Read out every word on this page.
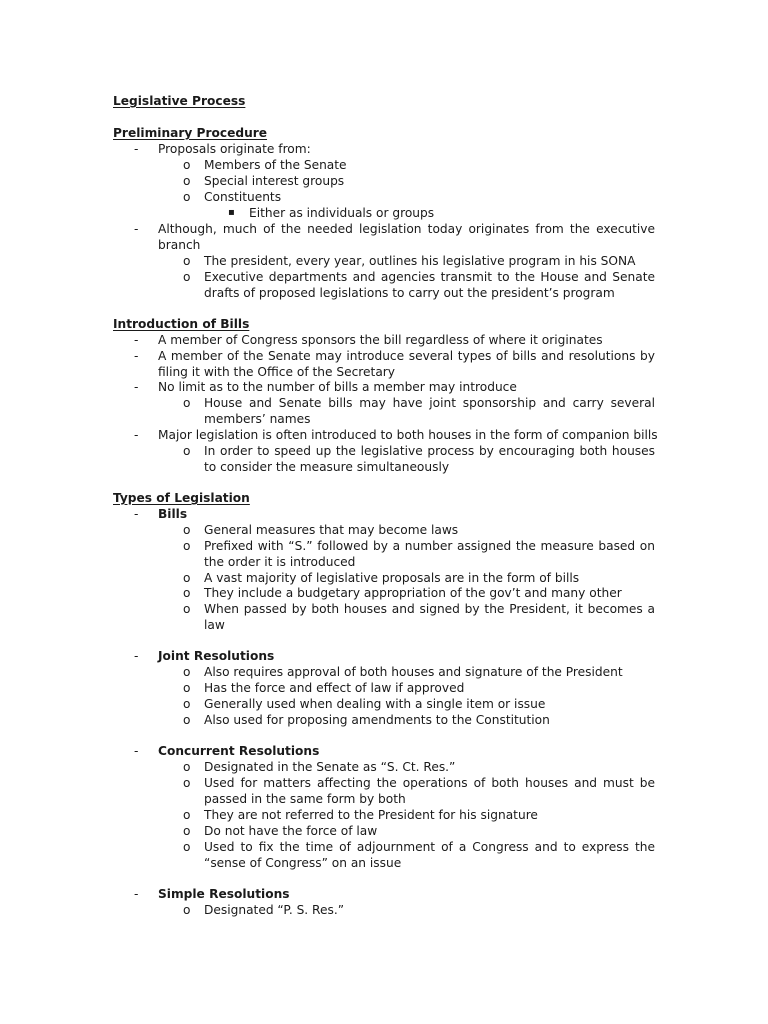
Legislative Process
Preliminary Procedure
- Proposals originate from:
o Members of the Senate
o Special interest groups
o Constituents
▪ Either as individuals or groups
- Although, much of the needed legislation today originates from the executive
branch
o The president, every year, outlines his legislative program in his SONA
o Executive departments and agencies transmit to the House and Senate
drafts of proposed legislations to carry out the president’s program
Introduction of Bills
- A member of Congress sponsors the bill regardless of where it originates
- A member of the Senate may introduce several types of bills and resolutions by
filing it with the Office of the Secretary
- No limit as to the number of bills a member may introduce
o House and Senate bills may have joint sponsorship and carry several
members’ names
- Major legislation is often introduced to both houses in the form of companion bills
o In order to speed up the legislative process by encouraging both houses
to consider the measure simultaneously
Types of Legislation
- Bills
o General measures that may become laws
o Prefixed with “S.” followed by a number assigned the measure based on
the order it is introduced
o A vast majority of legislative proposals are in the form of bills
o They include a budgetary appropriation of the gov’t and many other
o When passed by both houses and signed by the President, it becomes a
law
- Joint Resolutions
o Also requires approval of both houses and signature of the President
o Has the force and effect of law if approved
o Generally used when dealing with a single item or issue
o Also used for proposing amendments to the Constitution
- Concurrent Resolutions
o Designated in the Senate as “S. Ct. Res.”
o Used for matters affecting the operations of both houses and must be
passed in the same form by both
o They are not referred to the President for his signature
o Do not have the force of law
o Used to fix the time of adjournment of a Congress and to express the
“sense of Congress” on an issue
- Simple Resolutions
o Designated “P. S. Res.”
